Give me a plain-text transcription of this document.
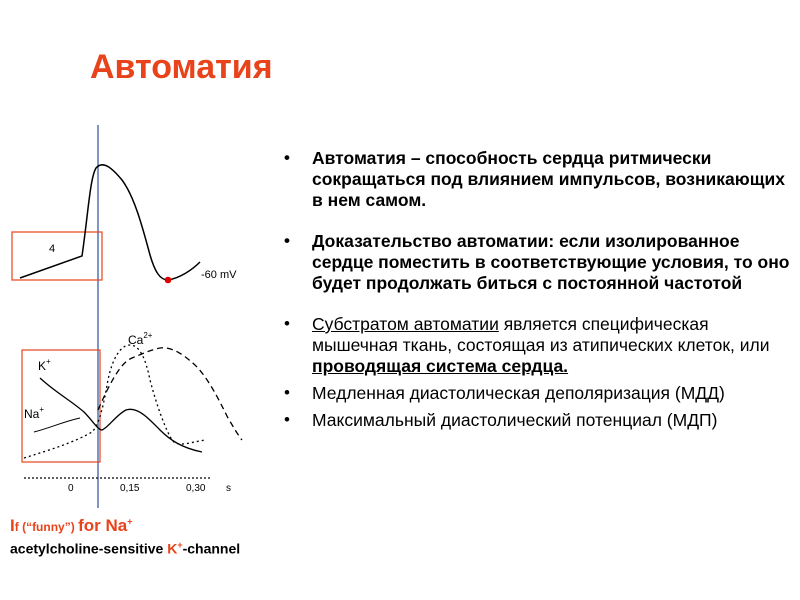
Автоматия
4
-60 mV
$Ca^{2+}$
K+
Na+
0	0,15	0,30 s
If (“funny”) for Na+
acetylcholine-sensitive K+-channel
• Автоматия – способность сердца ритмически сокращаться под влиянием импульсов, возникающих в нем самом.
• Доказательство автоматии: если изолированное сердце поместить в соответствующие условия, то оно будет продолжать биться с постоянной частотой
• Субстратом автоматии является специфическая мышечная ткань, состоящая из атипических клеток, или проводящая система сердца.
• Медленная диастолическая деполяризация (МДД)
• Максимальный диастолический потенциал (МДП)
